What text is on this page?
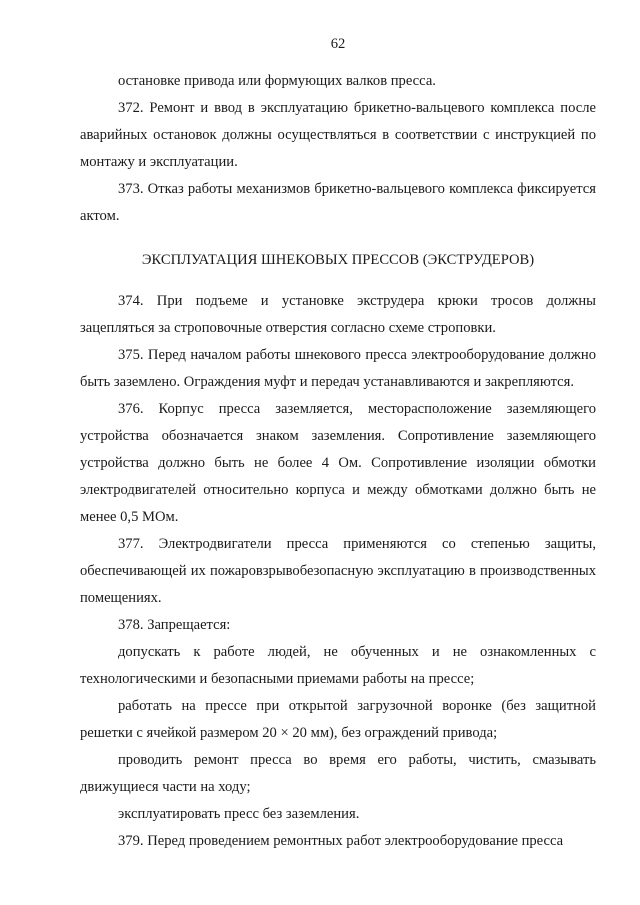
62

остановке привода или формующих валков пресса.

372. Ремонт и ввод в эксплуатацию брикетно-вальцевого комплекса после аварийных остановок должны осуществляться в соответствии с инструкцией по монтажу и эксплуатации.

373. Отказ работы механизмов брикетно-вальцевого комплекса фиксируется актом.

ЭКСПЛУАТАЦИЯ ШНЕКОВЫХ ПРЕССОВ (ЭКСТРУДЕРОВ)

374. При подъеме и установке экструдера крюки тросов должны зацепляться за строповочные отверстия согласно схеме строповки.

375. Перед началом работы шнекового пресса электрооборудование должно быть заземлено. Ограждения муфт и передач устанавливаются и закрепляются.

376. Корпус пресса заземляется, месторасположение заземляющего устройства обозначается знаком заземления. Сопротивление заземляющего устройства должно быть не более 4 Ом. Сопротивление изоляции обмотки электродвигателей относительно корпуса и между обмотками должно быть не менее 0,5 МОм.

377. Электродвигатели пресса применяются со степенью защиты, обеспечивающей их пожаровзрывобезопасную эксплуатацию в производственных помещениях.

378. Запрещается:

допускать к работе людей, не обученных и не ознакомленных с технологическими и безопасными приемами работы на прессе;

работать на прессе при открытой загрузочной воронке (без защитной решетки с ячейкой размером 20 × 20 мм), без ограждений привода;

проводить ремонт пресса во время его работы, чистить, смазывать движущиеся части на ходу;

эксплуатировать пресс без заземления.

379. Перед проведением ремонтных работ электрооборудование пресса
